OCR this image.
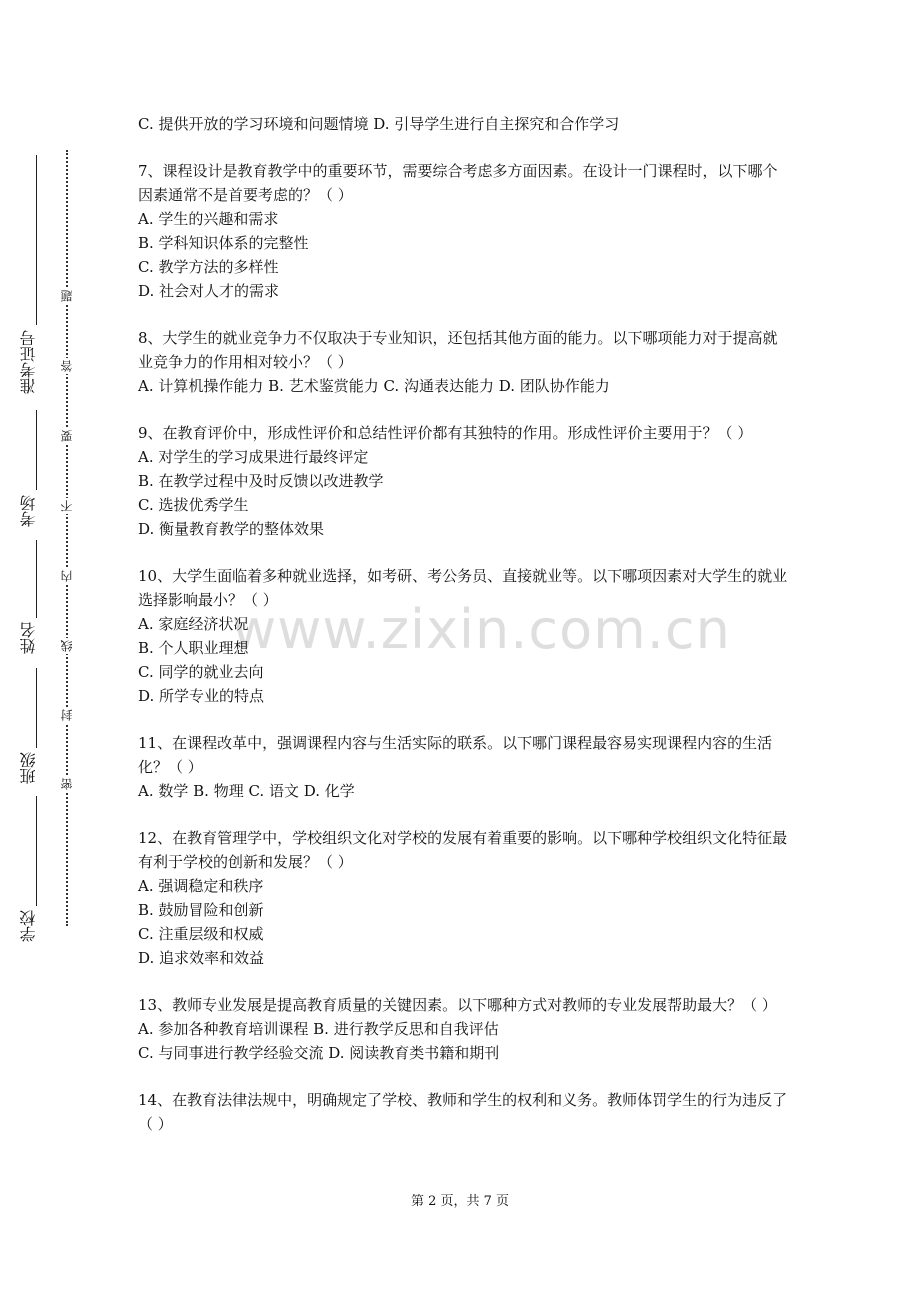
准考证号
考场
姓名
班级
学校
密
封
线
内
不
要
答
题
www.zixin.com.cn
C. 提供开放的学习环境和问题情境 D. 引导学生进行自主探究和合作学习
7、课程设计是教育教学中的重要环节，需要综合考虑多方面因素。在设计一门课程时，以下哪个因素通常不是首要考虑的？（ ）
A. 学生的兴趣和需求
B. 学科知识体系的完整性
C. 教学方法的多样性
D. 社会对人才的需求
8、大学生的就业竞争力不仅取决于专业知识，还包括其他方面的能力。以下哪项能力对于提高就业竞争力的作用相对较小？（ ）
A. 计算机操作能力 B. 艺术鉴赏能力 C. 沟通表达能力 D. 团队协作能力
9、在教育评价中，形成性评价和总结性评价都有其独特的作用。形成性评价主要用于？（ ）
A. 对学生的学习成果进行最终评定
B. 在教学过程中及时反馈以改进教学
C. 选拔优秀学生
D. 衡量教育教学的整体效果
10、大学生面临着多种就业选择，如考研、考公务员、直接就业等。以下哪项因素对大学生的就业选择影响最小？（ ）
A. 家庭经济状况
B. 个人职业理想
C. 同学的就业去向
D. 所学专业的特点
11、在课程改革中，强调课程内容与生活实际的联系。以下哪门课程最容易实现课程内容的生活化？（ ）
A. 数学 B. 物理 C. 语文 D. 化学
12、在教育管理学中，学校组织文化对学校的发展有着重要的影响。以下哪种学校组织文化特征最有利于学校的创新和发展？（ ）
A. 强调稳定和秩序
B. 鼓励冒险和创新
C. 注重层级和权威
D. 追求效率和效益
13、教师专业发展是提高教育质量的关键因素。以下哪种方式对教师的专业发展帮助最大？（ ）
A. 参加各种教育培训课程 B. 进行教学反思和自我评估
C. 与同事进行教学经验交流 D. 阅读教育类书籍和期刊
14、在教育法律法规中，明确规定了学校、教师和学生的权利和义务。教师体罚学生的行为违反了（ ）
第 2 页，共 7 页
